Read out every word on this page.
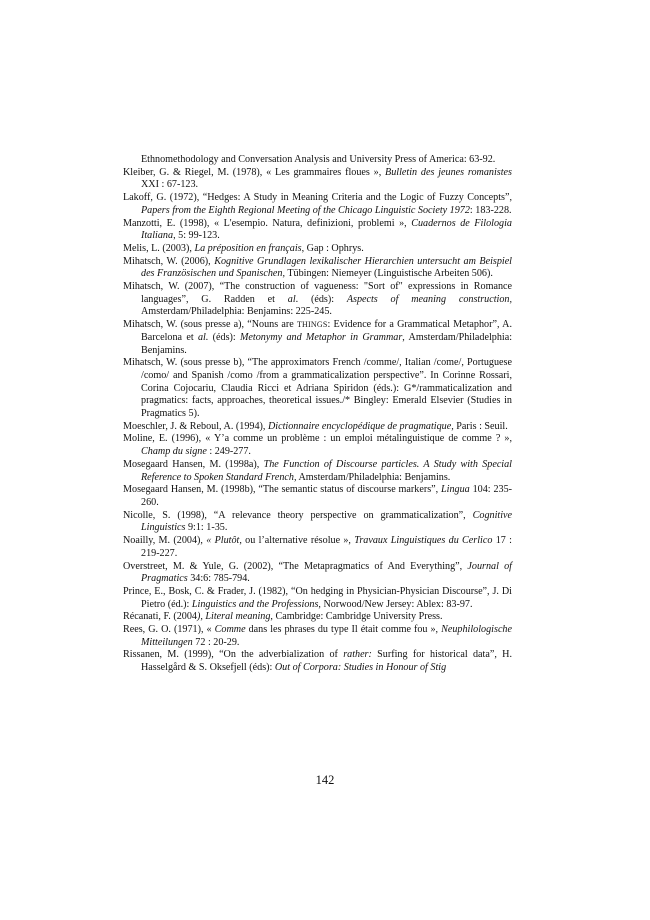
Ethnomethodology and Conversation Analysis and University Press of America: 63-92.

Kleiber, G. & Riegel, M. (1978), « Les grammaires floues », Bulletin des jeunes romanistes XXI : 67-123.

Lakoff, G. (1972), “Hedges: A Study in Meaning Criteria and the Logic of Fuzzy Concepts”, Papers from the Eighth Regional Meeting of the Chicago Linguistic Society 1972: 183-228.

Manzotti, E. (1998), « L'esempio. Natura, definizioni, problemi », Cuadernos de Filologia Italiana, 5: 99-123.

Melis, L. (2003), La préposition en français, Gap : Ophrys.

Mihatsch, W. (2006), Kognitive Grundlagen lexikalischer Hierarchien untersucht am Beispiel des Französischen und Spanischen, Tübingen: Niemeyer (Linguistische Arbeiten 506).

Mihatsch, W. (2007), “The construction of vagueness: "Sort of" expressions in Romance languages”, G. Radden et al. (éds): Aspects of meaning construction, Amsterdam/Philadelphia: Benjamins: 225-245.

Mihatsch, W. (sous presse a), “Nouns are THINGS: Evidence for a Grammatical Metaphor”, A. Barcelona et al. (éds): Metonymy and Metaphor in Grammar, Amsterdam/Philadelphia: Benjamins.

Mihatsch, W. (sous presse b), “The approximators French /comme/, Italian /come/, Portuguese /como/ and Spanish /como /from a grammaticalization perspective”. In Corinne Rossari, Corina Cojocariu, Claudia Ricci et Adriana Spiridon (éds.): G*/rammaticalization and pragmatics: facts, approaches, theoretical issues./* Bingley: Emerald Elsevier (Studies in Pragmatics 5).

Moeschler, J. & Reboul, A. (1994), Dictionnaire encyclopédique de pragmatique, Paris : Seuil.

Moline, E. (1996), « Y’a comme un problème : un emploi métalinguistique de comme ? », Champ du signe : 249-277.

Mosegaard Hansen, M. (1998a), The Function of Discourse particles. A Study with Special Reference to Spoken Standard French, Amsterdam/Philadelphia: Benjamins.

Mosegaard Hansen, M. (1998b), “The semantic status of discourse markers”, Lingua 104: 235-260.

Nicolle, S. (1998), “A relevance theory perspective on grammaticalization”, Cognitive Linguistics 9:1: 1-35.

Noailly, M. (2004), « Plutôt, ou l’alternative résolue », Travaux Linguistiques du Cerlico 17 : 219-227.

Overstreet, M. & Yule, G. (2002), “The Metapragmatics of And Everything”, Journal of Pragmatics 34:6: 785-794.

Prince, E., Bosk, C. & Frader, J. (1982), “On hedging in Physician-Physician Discourse”, J. Di Pietro (éd.): Linguistics and the Professions, Norwood/New Jersey: Ablex: 83-97.

Récanati, F. (2004), Literal meaning, Cambridge: Cambridge University Press.

Rees, G. O. (1971), « Comme dans les phrases du type Il était comme fou », Neuphilologische Mitteilungen 72 : 20-29.

Rissanen, M. (1999), “On the adverbialization of rather: Surfing for historical data”, H. Hasselgård & S. Oksefjell (éds): Out of Corpora: Studies in Honour of Stig

142
